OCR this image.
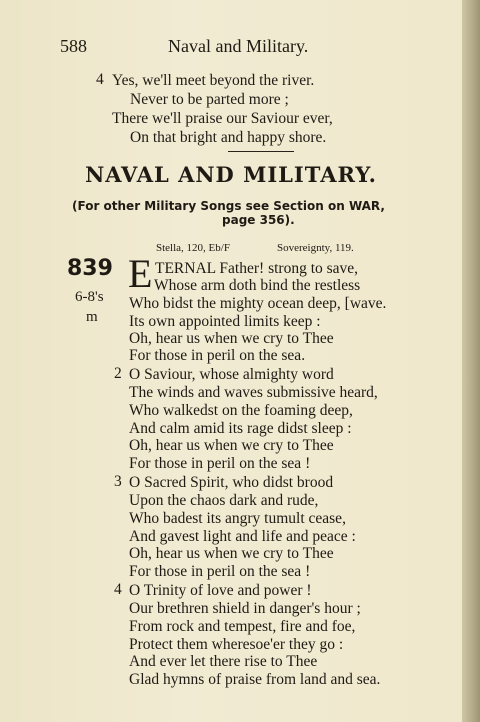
588	Naval and Military.
4 Yes, we'll meet beyond the river.
Never to be parted more ;
There we'll praise our Saviour ever,
On that bright and happy shore.
NAVAL AND MILITARY.
(For other Military Songs see Section on WAR,
page 356).
Stella, 120, Eb/F	Sovereignty, 119.
839
6-8's
m
E TERNAL Father! strong to save,
Whose arm doth bind the restless
Who bidst the mighty ocean deep, [wave.
Its own appointed limits keep :
Oh, hear us when we cry to Thee
For those in peril on the sea.
2 O Saviour, whose almighty word
The winds and waves submissive heard,
Who walkedst on the foaming deep,
And calm amid its rage didst sleep :
Oh, hear us when we cry to Thee
For those in peril on the sea !
3 O Sacred Spirit, who didst brood
Upon the chaos dark and rude,
Who badest its angry tumult cease,
And gavest light and life and peace :
Oh, hear us when we cry to Thee
For those in peril on the sea !
4 O Trinity of love and power !
Our brethren shield in danger's hour ;
From rock and tempest, fire and foe,
Protect them wheresoe'er they go :
And ever let there rise to Thee
Glad hymns of praise from land and sea.
